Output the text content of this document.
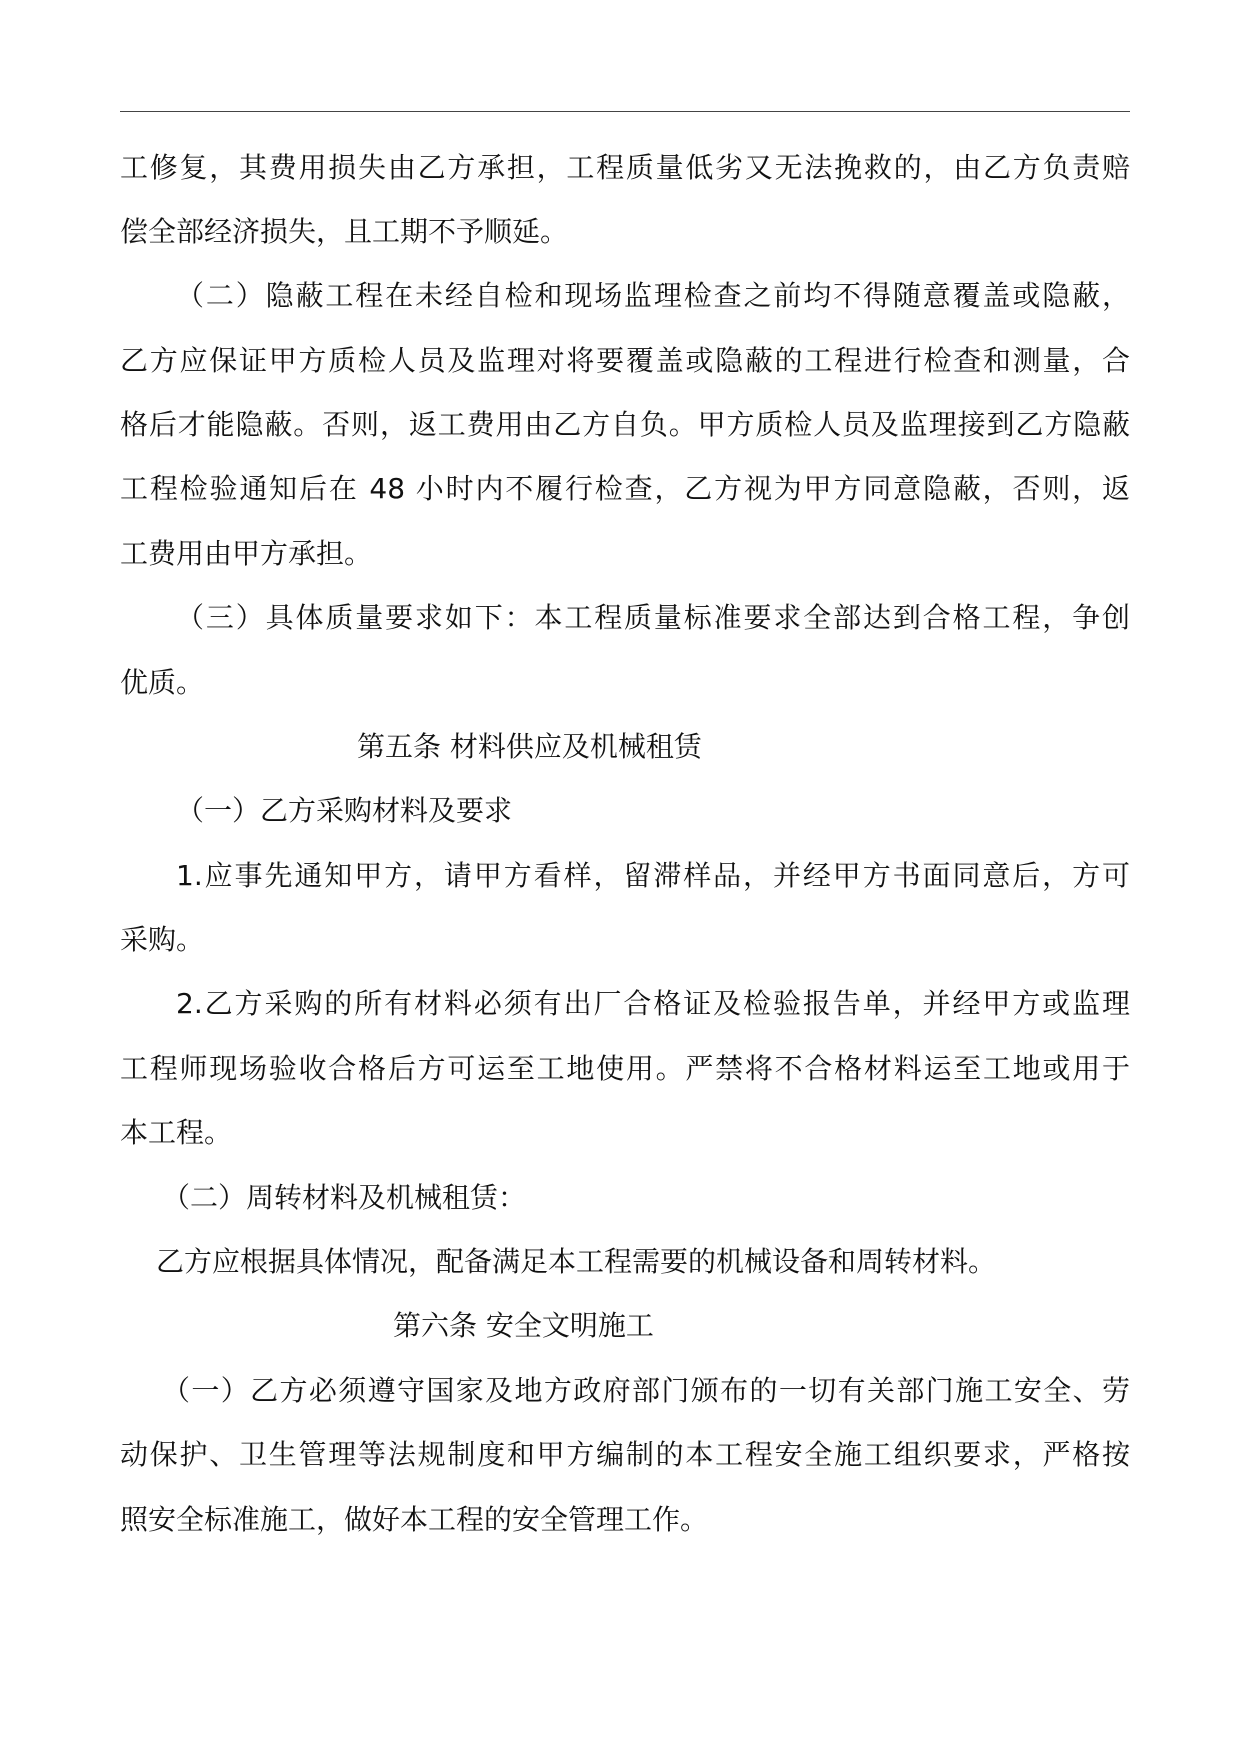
工修复，其费用损失由乙方承担，工程质量低劣又无法挽救的，由乙方负责赔

偿全部经济损失，且工期不予顺延。

（二）隐蔽工程在未经自检和现场监理检查之前均不得随意覆盖或隐蔽，

乙方应保证甲方质检人员及监理对将要覆盖或隐蔽的工程进行检查和测量，合

格后才能隐蔽。否则，返工费用由乙方自负。甲方质检人员及监理接到乙方隐蔽

工程检验通知后在 48 小时内不履行检查，乙方视为甲方同意隐蔽，否则，返

工费用由甲方承担。

（三）具体质量要求如下：本工程质量标准要求全部达到合格工程，争创

优质。

第五条 材料供应及机械租赁

（一）乙方采购材料及要求

1.应事先通知甲方，请甲方看样，留滞样品，并经甲方书面同意后，方可

采购。

2.乙方采购的所有材料必须有出厂合格证及检验报告单，并经甲方或监理

工程师现场验收合格后方可运至工地使用。严禁将不合格材料运至工地或用于

本工程。

（二）周转材料及机械租赁：

乙方应根据具体情况，配备满足本工程需要的机械设备和周转材料。

第六条 安全文明施工

（一）乙方必须遵守国家及地方政府部门颁布的一切有关部门施工安全、劳

动保护、卫生管理等法规制度和甲方编制的本工程安全施工组织要求，严格按

照安全标准施工，做好本工程的安全管理工作。
